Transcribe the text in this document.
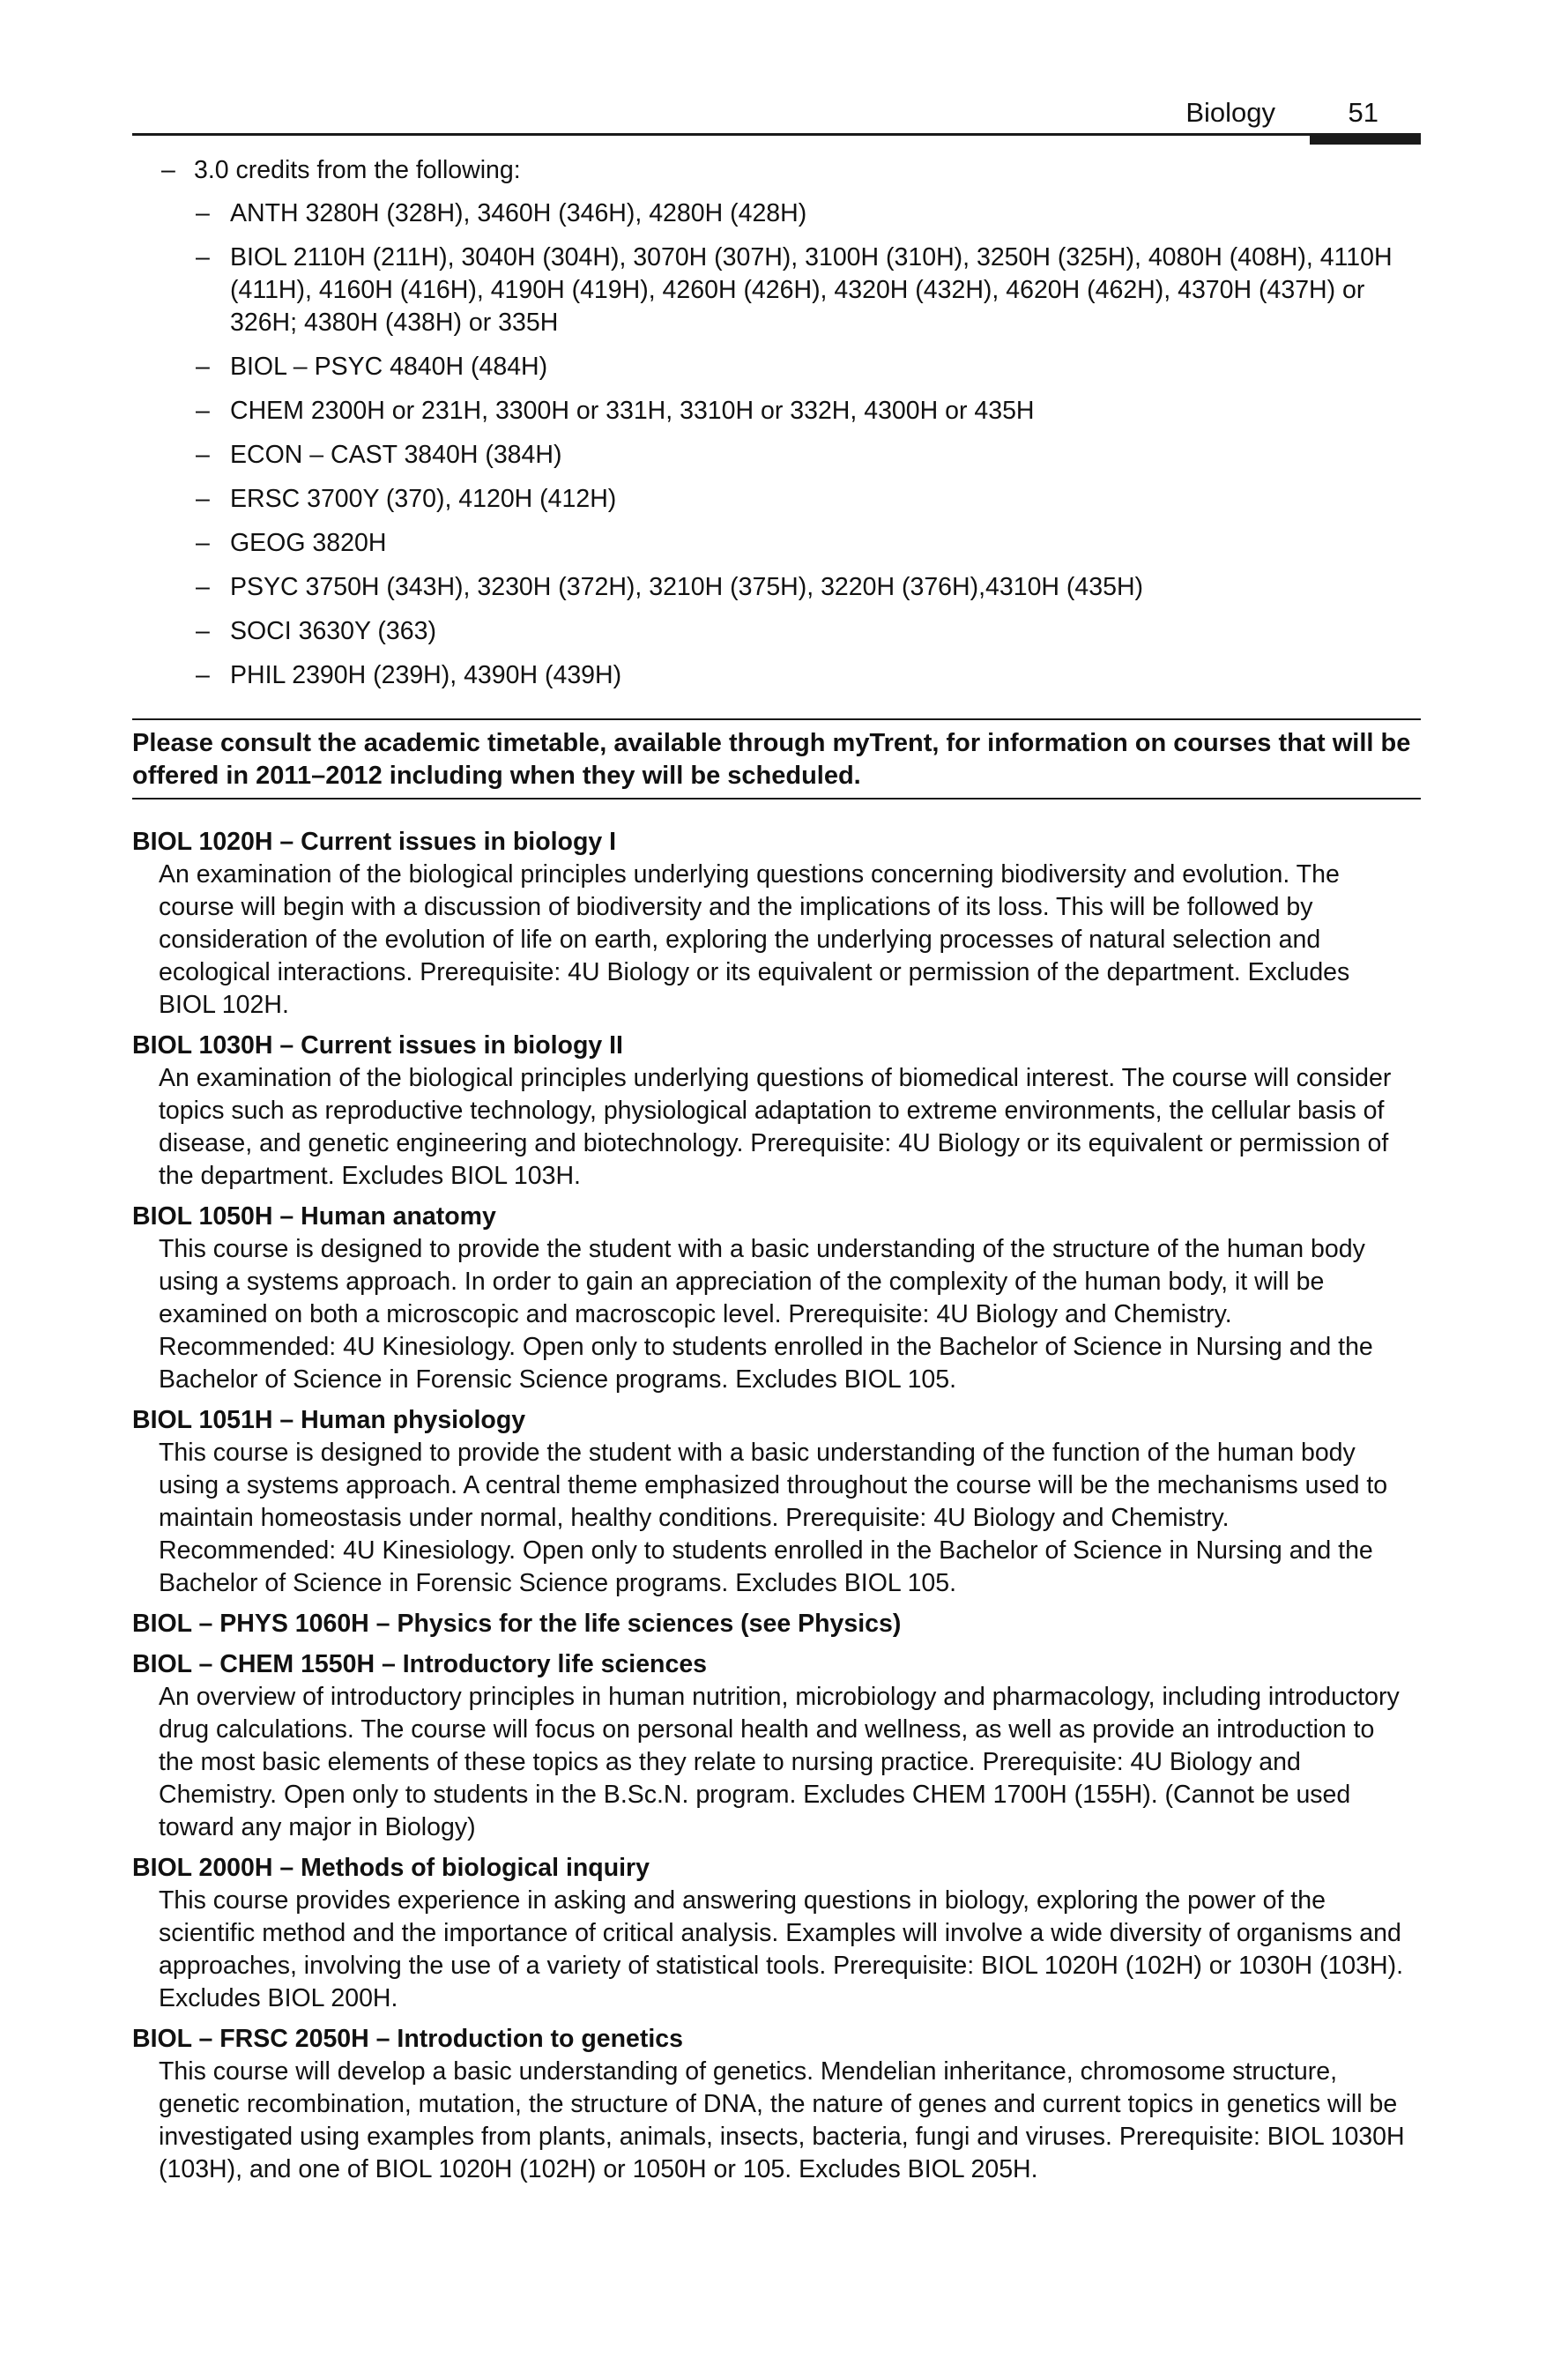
Biology	51
– 3.0 credits from the following:
– ANTH 3280H (328H), 3460H (346H), 4280H (428H)
– BIOL 2110H (211H), 3040H (304H), 3070H (307H), 3100H (310H), 3250H (325H), 4080H (408H), 4110H (411H), 4160H (416H), 4190H (419H), 4260H (426H), 4320H (432H), 4620H (462H), 4370H (437H) or 326H; 4380H (438H) or 335H
– BIOL – PSYC 4840H (484H)
– CHEM 2300H or 231H, 3300H or 331H, 3310H or 332H, 4300H or 435H
– ECON – CAST 3840H (384H)
– ERSC 3700Y (370), 4120H (412H)
– GEOG 3820H
– PSYC 3750H (343H), 3230H (372H), 3210H (375H), 3220H (376H),4310H (435H)
– SOCI 3630Y (363)
– PHIL 2390H (239H), 4390H (439H)
Please consult the academic timetable, available through myTrent, for information on courses that will be offered in 2011–2012 including when they will be scheduled.
BIOL 1020H – Current issues in biology I
An examination of the biological principles underlying questions concerning biodiversity and evolution. The course will begin with a discussion of biodiversity and the implications of its loss. This will be followed by consideration of the evolution of life on earth, exploring the underlying processes of natural selection and ecological interactions. Prerequisite: 4U Biology or its equivalent or permission of the department. Excludes BIOL 102H.
BIOL 1030H – Current issues in biology II
An examination of the biological principles underlying questions of biomedical interest. The course will consider topics such as reproductive technology, physiological adaptation to extreme environments, the cellular basis of disease, and genetic engineering and biotechnology. Prerequisite: 4U Biology or its equivalent or permission of the department. Excludes BIOL 103H.
BIOL 1050H – Human anatomy
This course is designed to provide the student with a basic understanding of the structure of the human body using a systems approach. In order to gain an appreciation of the complexity of the human body, it will be examined on both a microscopic and macroscopic level. Prerequisite: 4U Biology and Chemistry. Recommended: 4U Kinesiology. Open only to students enrolled in the Bachelor of Science in Nursing and the Bachelor of Science in Forensic Science programs. Excludes BIOL 105.
BIOL 1051H – Human physiology
This course is designed to provide the student with a basic understanding of the function of the human body using a systems approach. A central theme emphasized throughout the course will be the mechanisms used to maintain homeostasis under normal, healthy conditions. Prerequisite: 4U Biology and Chemistry. Recommended: 4U Kinesiology. Open only to students enrolled in the Bachelor of Science in Nursing and the Bachelor of Science in Forensic Science programs. Excludes BIOL 105.
BIOL – PHYS 1060H – Physics for the life sciences (see Physics)
BIOL – CHEM 1550H – Introductory life sciences
An overview of introductory principles in human nutrition, microbiology and pharmacology, including introductory drug calculations. The course will focus on personal health and wellness, as well as provide an introduction to the most basic elements of these topics as they relate to nursing practice. Prerequisite: 4U Biology and Chemistry. Open only to students in the B.Sc.N. program. Excludes CHEM 1700H (155H). (Cannot be used toward any major in Biology)
BIOL 2000H – Methods of biological inquiry
This course provides experience in asking and answering questions in biology, exploring the power of the scientific method and the importance of critical analysis. Examples will involve a wide diversity of organisms and approaches, involving the use of a variety of statistical tools. Prerequisite: BIOL 1020H (102H) or 1030H (103H). Excludes BIOL 200H.
BIOL – FRSC 2050H – Introduction to genetics
This course will develop a basic understanding of genetics. Mendelian inheritance, chromosome structure, genetic recombination, mutation, the structure of DNA, the nature of genes and current topics in genetics will be investigated using examples from plants, animals, insects, bacteria, fungi and viruses. Prerequisite: BIOL 1030H (103H), and one of BIOL 1020H (102H) or 1050H or 105. Excludes BIOL 205H.
